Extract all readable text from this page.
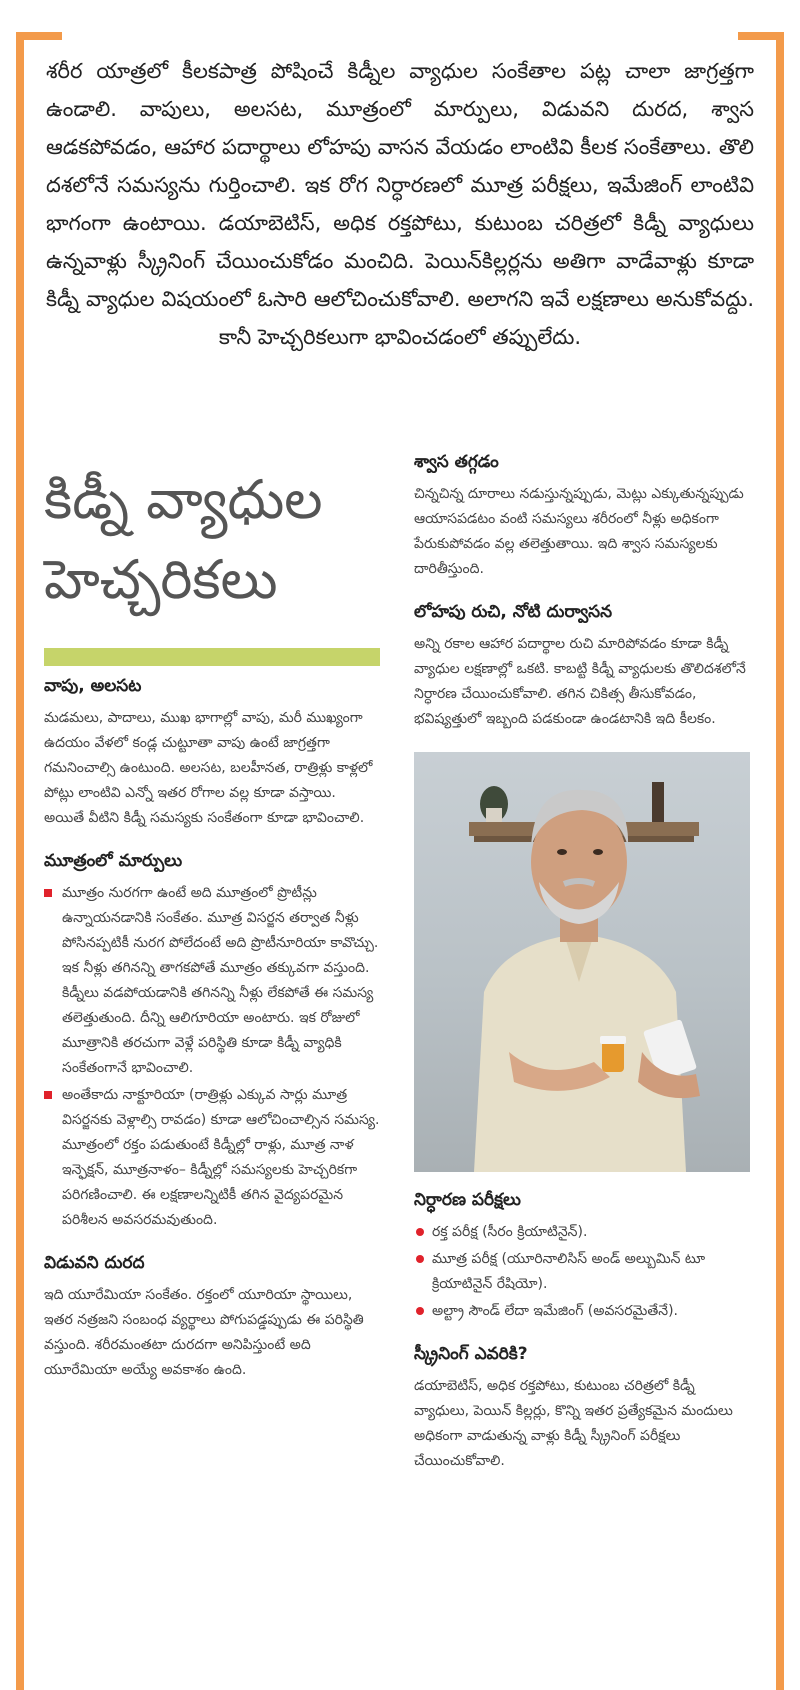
శరీర యాత్రలో కీలకపాత్ర పోషించే కిడ్నీల వ్యాధుల సంకేతాల పట్ల చాలా జాగ్రత్తగా ఉండాలి. వాపులు, అలసట, మూత్రంలో మార్పులు, విడువని దురద, శ్వాస ఆడకపోవడం, ఆహార పదార్థాలు లోహపు వాసన వేయడం లాంటివి కీలక సంకేతాలు. తొలి దశలోనే సమస్యను గుర్తించాలి. ఇక రోగ నిర్ధారణలో మూత్ర పరీక్షలు, ఇమేజింగ్ లాంటివి భాగంగా ఉంటాయి. డయాబెటిస్, అధిక రక్తపోటు, కుటుంబ చరిత్రలో కిడ్నీ వ్యాధులు ఉన్నవాళ్లు స్క్రీనింగ్ చేయించుకోడం మంచిది. పెయిన్‌కిల్లర్లను అతిగా వాడేవాళ్లు కూడా కిడ్నీ వ్యాధుల విషయంలో ఓసారి ఆలోచించుకోవాలి. అలాగని ఇవే లక్షణాలు అనుకోవద్దు. కానీ హెచ్చరికలుగా భావించడంలో తప్పులేదు.

కిడ్నీ వ్యాధుల
హెచ్చరికలు
వాపు, అలసట

మడమలు, పాదాలు, ముఖ భాగాల్లో వాపు, మరీ ముఖ్యంగా ఉదయం వేళలో కండ్ల చుట్టూతా వాపు ఉంటే జాగ్రత్తగా గమనించాల్సి ఉంటుంది. అలసట, బలహీనత, రాత్రిళ్లు కాళ్లలో పోట్లు లాంటివి ఎన్నో ఇతర రోగాల వల్ల కూడా వస్తాయి. అయితే వీటిని కిడ్నీ సమస్యకు సంకేతంగా కూడా భావించాలి.

మూత్రంలో మార్పులు
మూత్రం నురగగా ఉంటే అది మూత్రంలో ప్రొటీన్లు ఉన్నాయనడానికి సంకేతం. మూత్ర విసర్జన తర్వాత నీళ్లు పోసినప్పటికీ నురగ పోలేదంటే అది ప్రొటీనూరియా కావొచ్చు. ఇక నీళ్లు తగినన్ని తాగకపోతే మూత్రం తక్కువగా వస్తుంది. కిడ్నీలు వడపోయడానికి తగినన్ని నీళ్లు లేకపోతే ఈ సమస్య తలెత్తుతుంది. దీన్ని ఆలిగూరియా అంటారు. ఇక రోజులో మూత్రానికి తరచుగా వెళ్లే పరిస్థితి కూడా కిడ్నీ వ్యాధికి సంకేతంగానే భావించాలి.
అంతేకాదు నాక్టూరియా (రాత్రిళ్లు ఎక్కువ సార్లు మూత్ర విసర్జనకు వెళ్లాల్సి రావడం) కూడా ఆలోచించాల్సిన సమస్య. మూత్రంలో రక్తం పడుతుంటే కిడ్నీల్లో రాళ్లు, మూత్ర నాళ ఇన్ఫెక్షన్, మూత్రనాళం– కిడ్నీల్లో సమస్యలకు హెచ్చరికగా పరిగణించాలి. ఈ లక్షణాలన్నిటికీ తగిన వైద్యపరమైన పరిశీలన అవసరమవుతుంది.
విడువని దురద

ఇది యూరేమియా సంకేతం. రక్తంలో యూరియా స్థాయిలు, ఇతర నత్రజని సంబంధ వ్యర్థాలు పోగుపడ్డప్పుడు ఈ పరిస్థితి వస్తుంది. శరీరమంతటా దురదగా అనిపిస్తుంటే అది యూరేమియా అయ్యే అవకాశం ఉంది.

శ్వాస తగ్గడం

చిన్నచిన్న దూరాలు నడుస్తున్నప్పుడు, మెట్లు ఎక్కుతున్నప్పుడు ఆయాసపడటం వంటి సమస్యలు శరీరంలో నీళ్లు అధికంగా పేరుకుపోవడం వల్ల తలెత్తుతాయి. ఇది శ్వాస సమస్యలకు దారితీస్తుంది.

లోహపు రుచి, నోటి దుర్వాసన

అన్ని రకాల ఆహార పదార్థాల రుచి మారిపోవడం కూడా కిడ్నీ వ్యాధుల లక్షణాల్లో ఒకటి. కాబట్టి కిడ్నీ వ్యాధులకు తొలిదశలోనే నిర్ధారణ చేయించుకోవాలి. తగిన చికిత్స తీసుకోవడం, భవిష్యత్తులో ఇబ్బంది పడకుండా ఉండటానికి ఇది కీలకం.

నిర్ధారణ పరీక్షలు
రక్త పరీక్ష (సీరం క్రియాటినైన్).
మూత్ర పరీక్ష (యూరినాలిసిస్ అండ్ అల్బుమిన్ టూ క్రియాటినైన్ రేషియో).
అల్ట్రా సౌండ్ లేదా ఇమేజింగ్ (అవసరమైతేనే).
స్క్రీనింగ్ ఎవరికి?

డయాబెటిస్, అధిక రక్తపోటు, కుటుంబ చరిత్రలో కిడ్నీ వ్యాధులు, పెయిన్ కిల్లర్లు, కొన్ని ఇతర ప్రత్యేకమైన మందులు అధికంగా వాడుతున్న వాళ్లు కిడ్నీ స్క్రీనింగ్ పరీక్షలు చేయించుకోవాలి.
